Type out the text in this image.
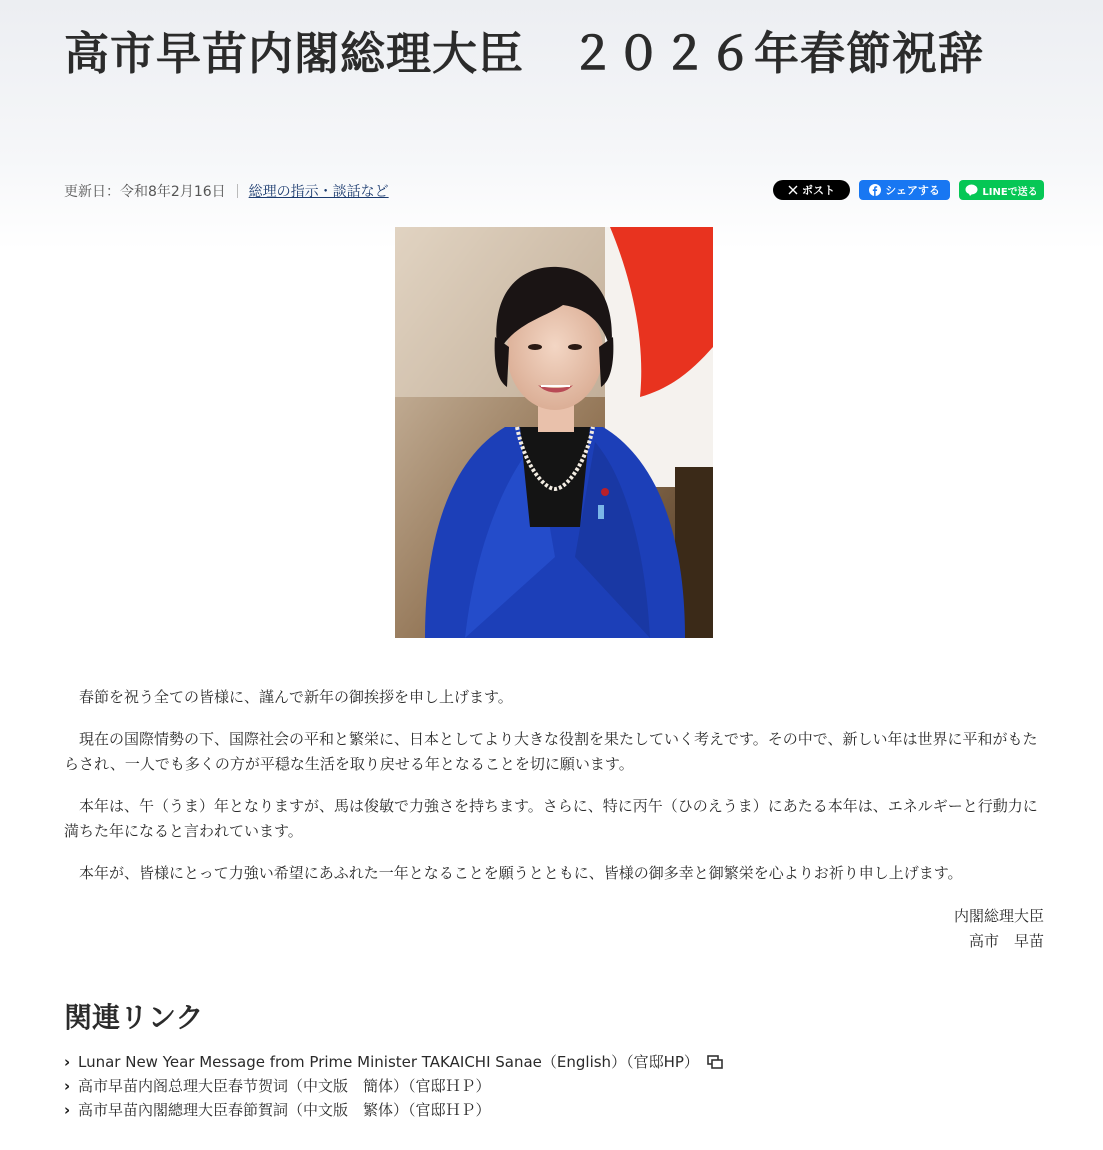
高市早苗内閣総理大臣　２０２６年春節祝辞
更新日：令和8年2月16日 総理の指示・談話など	ポスト	シェアする	LINEで送る

春節を祝う全ての皆様に、謹んで新年の御挨拶を申し上げます。

現在の国際情勢の下、国際社会の平和と繁栄に、日本としてより大きな役割を果たしていく考えです。その中で、新しい年は世界に平和がもたらされ、一人でも多くの方が平穏な生活を取り戻せる年となることを切に願います。

本年は、午（うま）年となりますが、馬は俊敏で力強さを持ちます。さらに、特に丙午（ひのえうま）にあたる本年は、エネルギーと行動力に満ちた年になると言われています。

本年が、皆様にとって力強い希望にあふれた一年となることを願うとともに、皆様の御多幸と御繁栄を心よりお祈り申し上げます。

内閣総理大臣
高市　早苗
関連リンク
› Lunar New Year Message from Prime Minister TAKAICHI Sanae（English）（官邸HP）
› 高市早苗内阁总理大臣春节贺词（中文版　簡体）（官邸ＨＰ）
› 高市早苗內閣總理大臣春節賀詞（中文版　繁体）（官邸ＨＰ）
